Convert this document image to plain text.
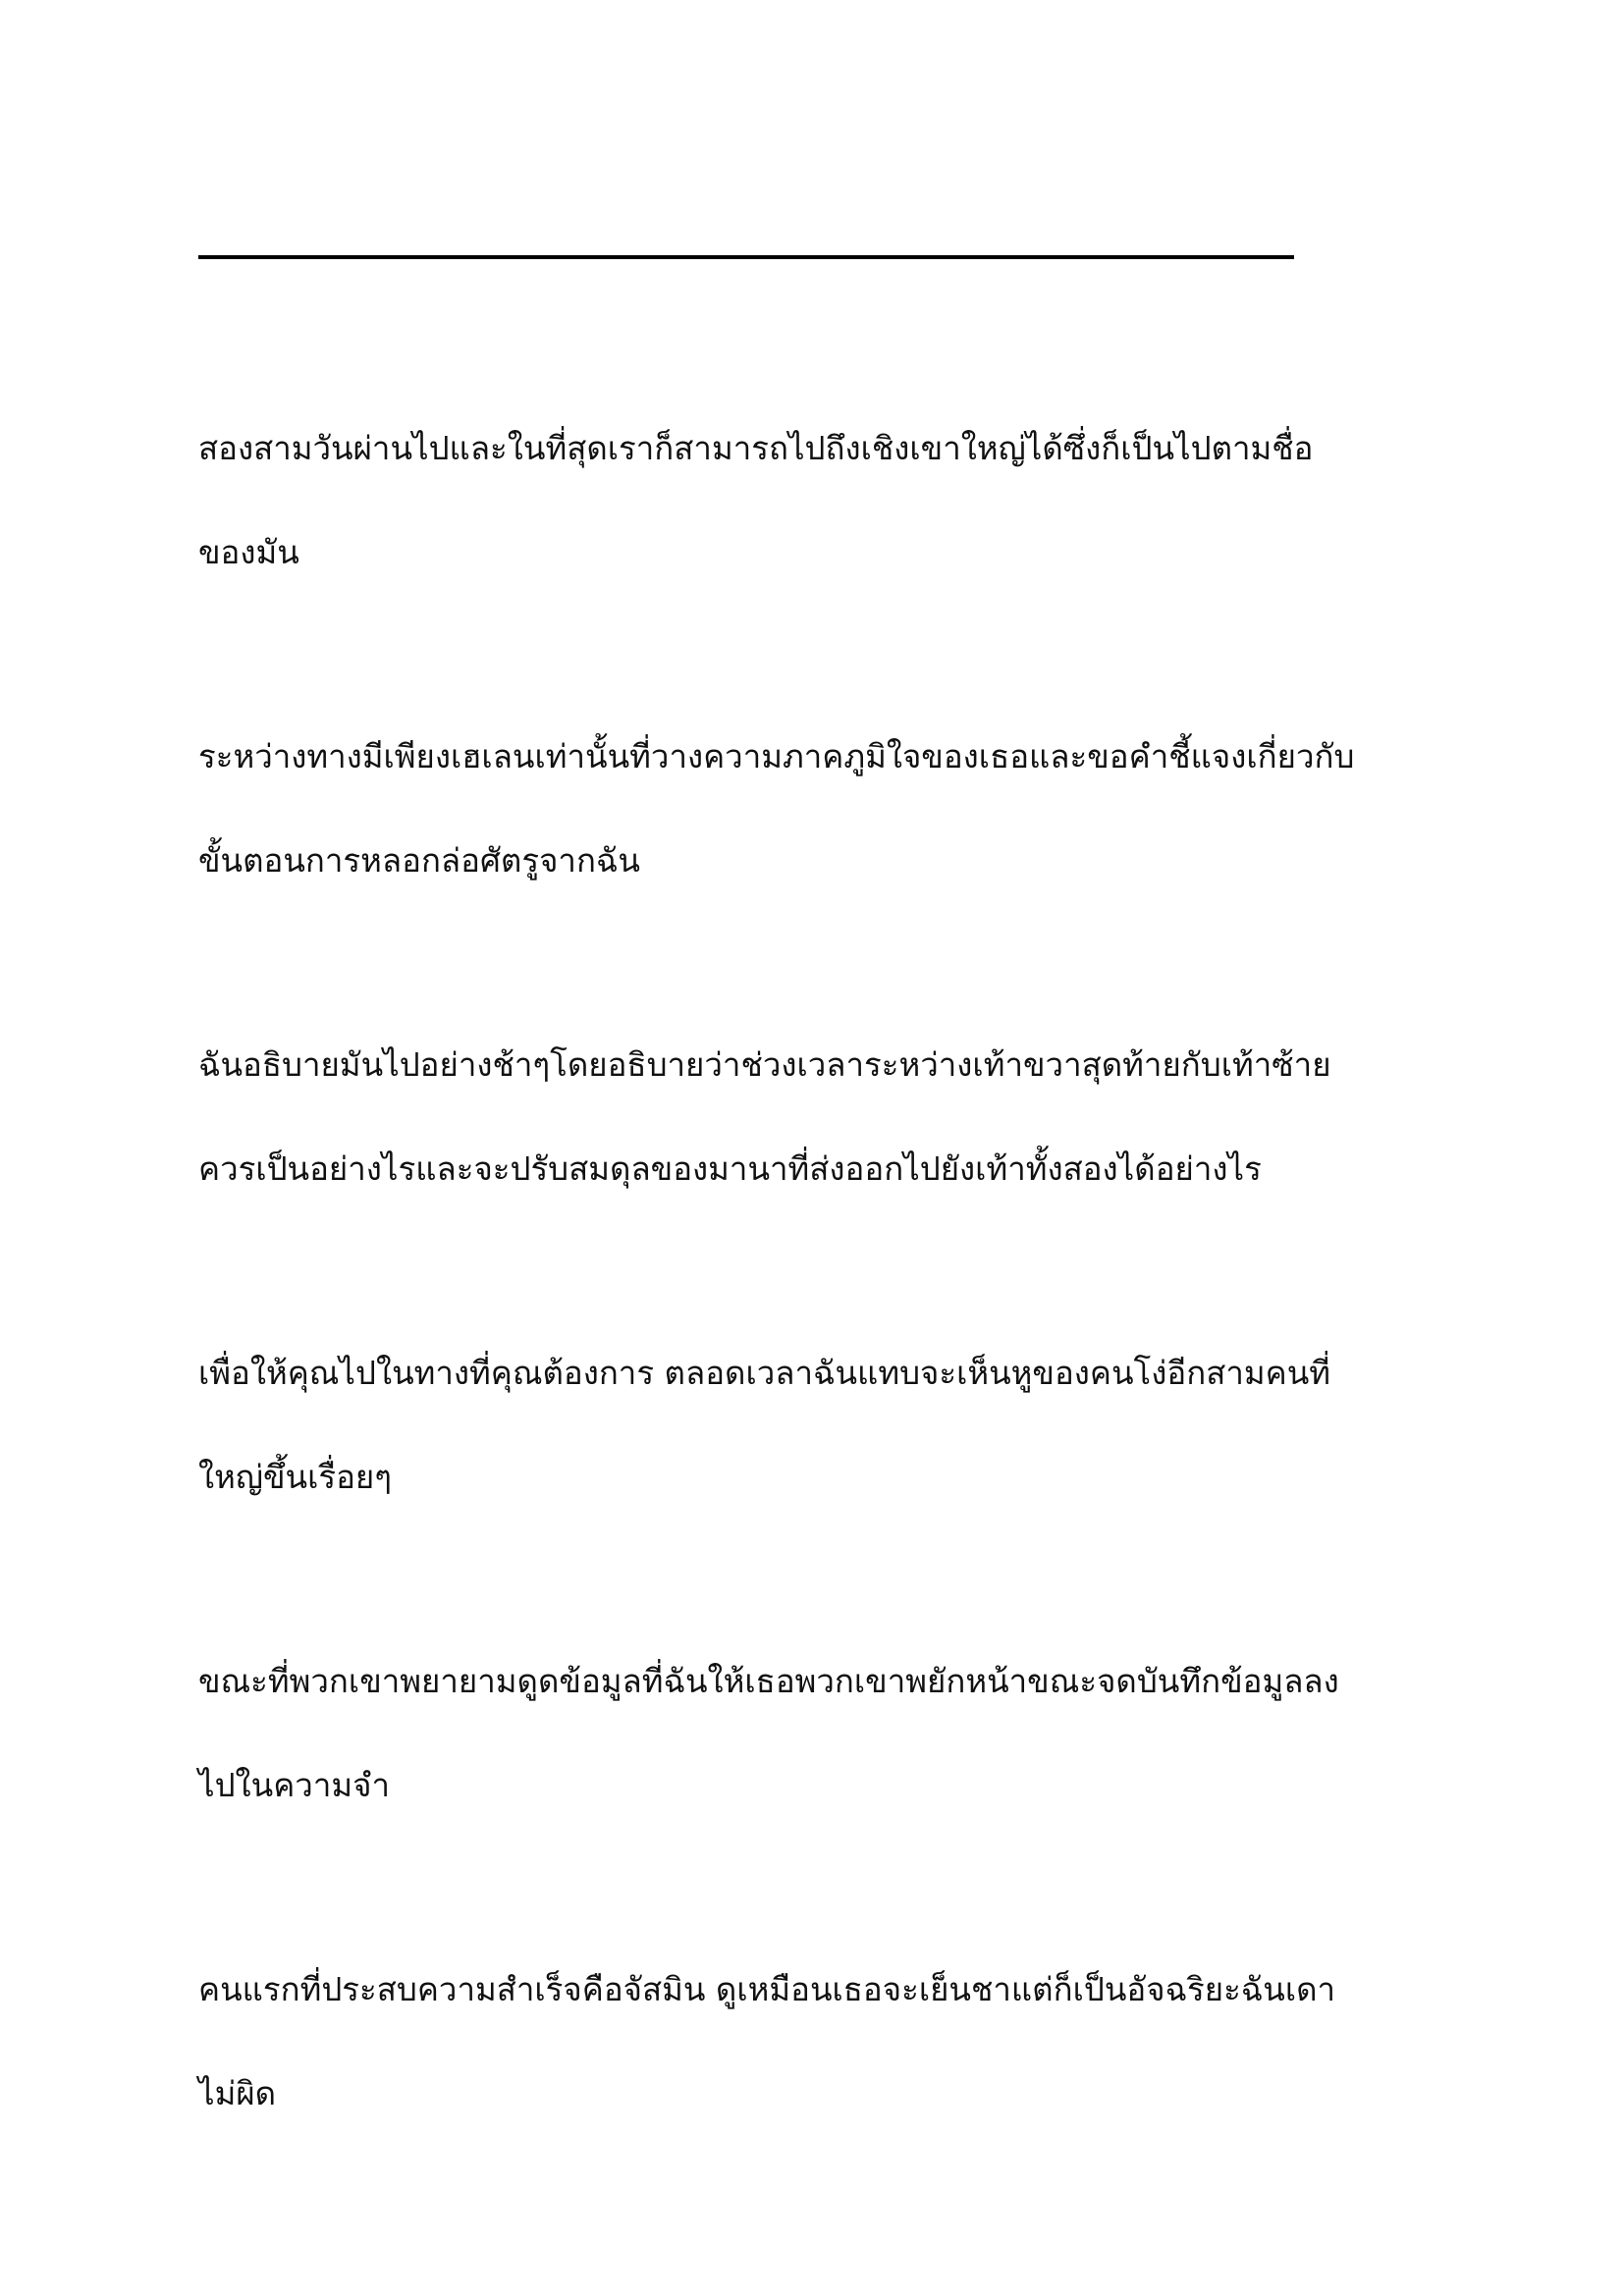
สองสามวันผ่านไปและในที่สุดเราก็สามารถไปถึงเชิงเขาใหญ่ได้ซึ่งก็เป็นไปตามชื่อ
ของมัน
ระหว่างทางมีเพียงเฮเลนเท่านั้นที่วางความภาคภูมิใจของเธอและขอคำชี้แจงเกี่ยวกับ
ขั้นตอนการหลอกล่อศัตรูจากฉัน
ฉันอธิบายมันไปอย่างช้าๆโดยอธิบายว่าช่วงเวลาระหว่างเท้าขวาสุดท้ายกับเท้าซ้าย
ควรเป็นอย่างไรและจะปรับสมดุลของมานาที่ส่งออกไปยังเท้าทั้งสองได้อย่างไร
เพื่อให้คุณไปในทางที่คุณต้องการ ตลอดเวลาฉันแทบจะเห็นหูของคนโง่อีกสามคนที่
ใหญ่ขึ้นเรื่อยๆ
ขณะที่พวกเขาพยายามดูดข้อมูลที่ฉันให้เธอพวกเขาพยักหน้าขณะจดบันทึกข้อมูลลง
ไปในความจำ
คนแรกที่ประสบความสำเร็จคือจัสมิน ดูเหมือนเธอจะเย็นชาแต่ก็เป็นอัจฉริยะฉันเดา
ไม่ผิด
